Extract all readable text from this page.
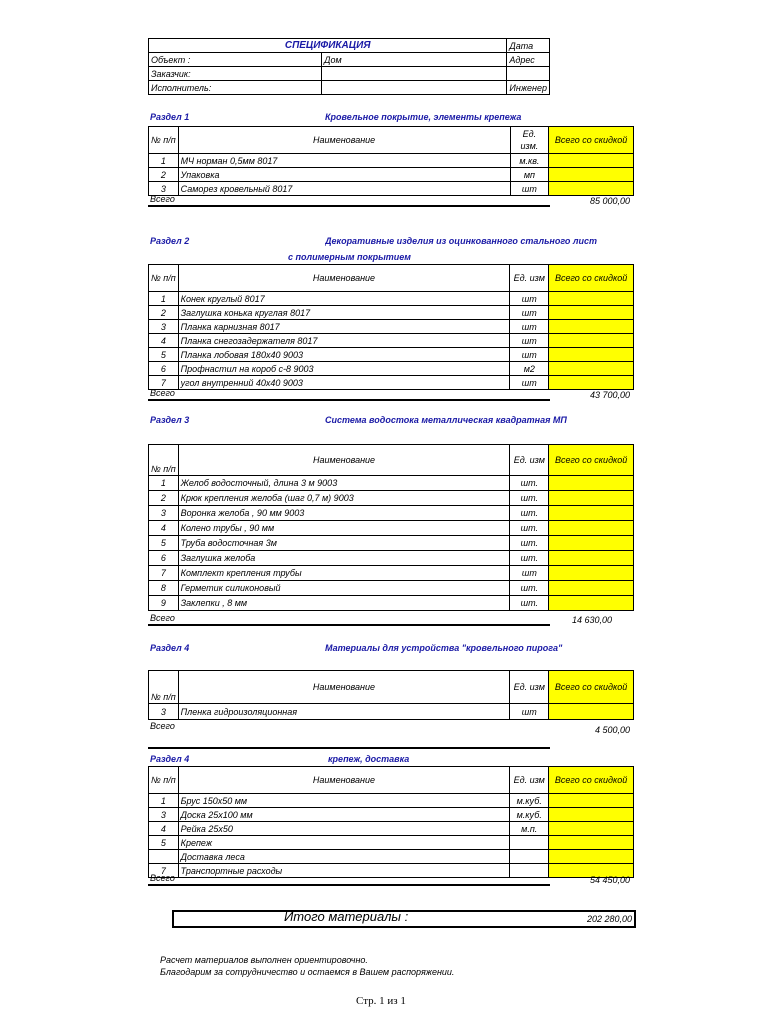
СПЕЦИФИКАЦИЯ		Дата
Объект :	Дом	Адрес
Заказчик:		
Исполнитель:		Инженер
Раздел 1	Кровельное покрытие, элементы крепежа
№ п/п	Наименование	Ед. изм.	Всего со скидкой
1	МЧ норман 0,5мм 8017	м.кв.	
2	Упаковка	мп	
3	Саморез кровельный 8017	шт	
Всего	85 000,00
Раздел 2	Декоративные изделия из оцинкованного стального лист
с полимерным покрытием
№ п/п	Наименование	Ед. изм	Всего со скидкой
1	Конек круглый 8017	шт	
2	Заглушка конька круглая 8017	шт	
3	Планка карнизная 8017	шт	
4	Планка снегозадержателя 8017	шт	
5	Планка лобовая 180х40 9003	шт	
6	Профнастил на короб с-8 9003	м2	
7	угол внутренний 40х40 9003	шт	
Всего	43 700,00
Раздел 3	Система водостока металлическая квадратная МП
№ п/п	Наименование	Ед. изм	Всего со скидкой
1	Желоб водосточный, длина 3 м 9003	шт.	
2	Крюк крепления желоба (шаг 0,7 м) 9003	шт.	
3	Воронка желоба , 90 мм 9003	шт.	
4	Колено трубы , 90 мм	шт.	
5	Труба водосточная 3м	шт.	
6	Заглушка желоба	шт.	
7	Комплект крепления трубы	шт	
8	Герметик силиконовый	шт.	
9	Заклепки , 8 мм	шт.	
Всего	14 630,00
Раздел 4	Материалы для устройства "кровельного пирога"
№ п/п	Наименование	Ед. изм	Всего со скидкой
3	Пленка гидроизоляционная	шт	
Всего	4 500,00
Раздел 4	крепеж, доставка
№ п/п	Наименование	Ед. изм	Всего со скидкой
1	Брус 150х50 мм	м.куб.	
3	Доска 25х100 мм	м.куб.	
4	Рейка 25х50	м.п.	
5	Крепеж		
	Доставка леса		
7	Транспортные расходы		
Всего	54 450,00
Итого материалы :	202 280,00
Расчет материалов выполнен ориентировочно.
Благодарим за сотрудничество и остаемся в Вашем распоряжении.
Стр. 1 из 1
